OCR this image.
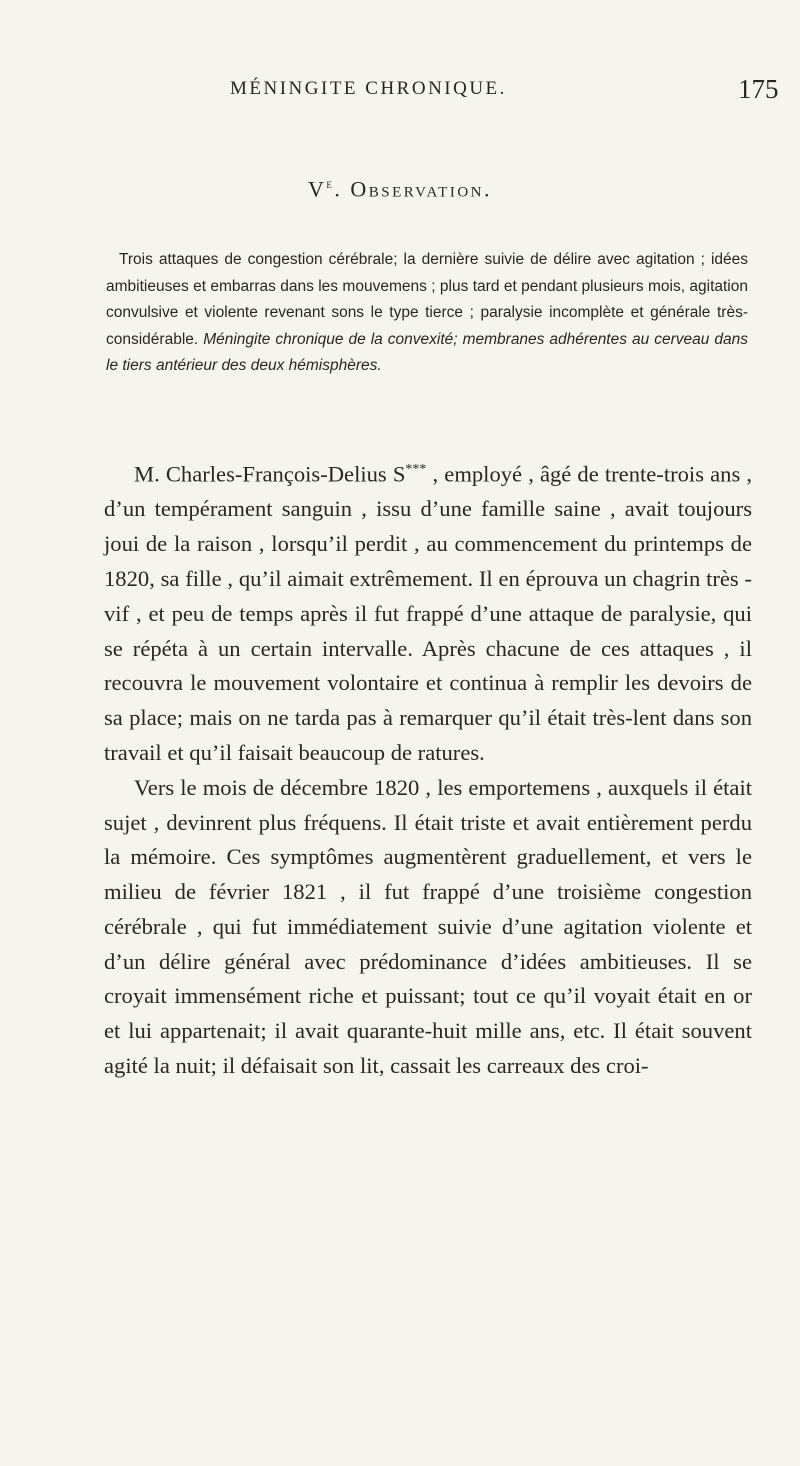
MÉNINGITE CHRONIQUE.	175
Ve. Observation.
Trois attaques de congestion cérébrale; la dernière suivie de délire avec agitation ; idées ambitieuses et embarras dans les mouvemens ; plus tard et pendant plusieurs mois, agitation convulsive et violente revenant sons le type tierce ; paralysie incomplète et générale très-considérable. Méningite chronique de la convexité; membranes adhérentes au cerveau dans le tiers antérieur des deux hémisphères.

M. Charles-François-Delius S*** , employé , âgé de trente-trois ans , d’un tempérament sanguin , issu d’une famille saine , avait toujours joui de la raison , lorsqu’il perdit , au commencement du printemps de 1820, sa fille , qu’il aimait extrêmement. Il en éprouva un chagrin très - vif , et peu de temps après il fut frappé d’une attaque de paralysie, qui se répéta à un certain intervalle. Après chacune de ces attaques , il recouvra le mouvement volontaire et continua à remplir les devoirs de sa place; mais on ne tarda pas à remarquer qu’il était très-lent dans son travail et qu’il faisait beaucoup de ratures.

Vers le mois de décembre 1820 , les emportemens , auxquels il était sujet , devinrent plus fréquens. Il était triste et avait entièrement perdu la mémoire. Ces symptômes augmentèrent graduellement, et vers le milieu de février 1821 , il fut frappé d’une troisième congestion cérébrale , qui fut immédiatement suivie d’une agitation violente et d’un délire général avec prédominance d’idées ambitieuses. Il se croyait immensément riche et puissant; tout ce qu’il voyait était en or et lui appartenait; il avait quarante-huit mille ans, etc. Il était souvent agité la nuit; il défaisait son lit, cassait les carreaux des croi-
